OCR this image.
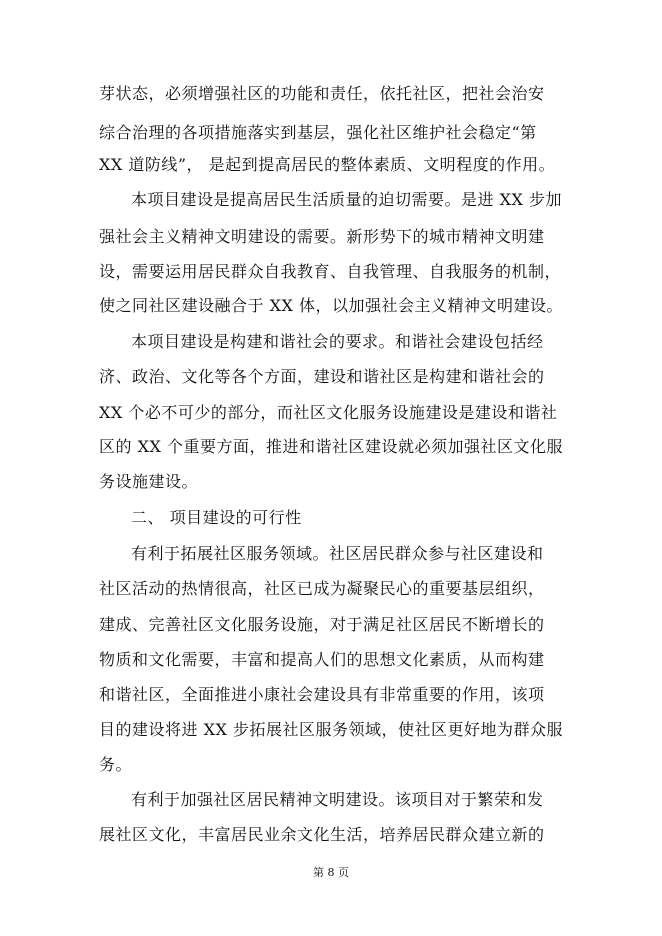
芽状态，必须增强社区的功能和责任，依托社区，把社会治安
综合治理的各项措施落实到基层，强化社区维护社会稳定“第
XX 道防线”， 是起到提高居民的整体素质、文明程度的作用。
本项目建设是提高居民生活质量的迫切需要。是进 XX 步加
强社会主义精神文明建设的需要。新形势下的城市精神文明建
设，需要运用居民群众自我教育、自我管理、自我服务的机制，
使之同社区建设融合于 XX 体，以加强社会主义精神文明建设。
本项目建设是构建和谐社会的要求。和谐社会建设包括经
济、政治、文化等各个方面，建设和谐社区是构建和谐社会的
XX 个必不可少的部分，而社区文化服务设施建设是建设和谐社
区的 XX 个重要方面，推进和谐社区建设就必须加强社区文化服
务设施建设。
二、 项目建设的可行性
有利于拓展社区服务领域。社区居民群众参与社区建设和
社区活动的热情很高，社区已成为凝聚民心的重要基层组织，
建成、完善社区文化服务设施，对于满足社区居民不断增长的
物质和文化需要，丰富和提高人们的思想文化素质，从而构建
和谐社区，全面推进小康社会建设具有非常重要的作用，该项
目的建设将进 XX 步拓展社区服务领域，使社区更好地为群众服
务。
有利于加强社区居民精神文明建设。该项目对于繁荣和发
展社区文化，丰富居民业余文化生活，培养居民群众建立新的
第 8 页
